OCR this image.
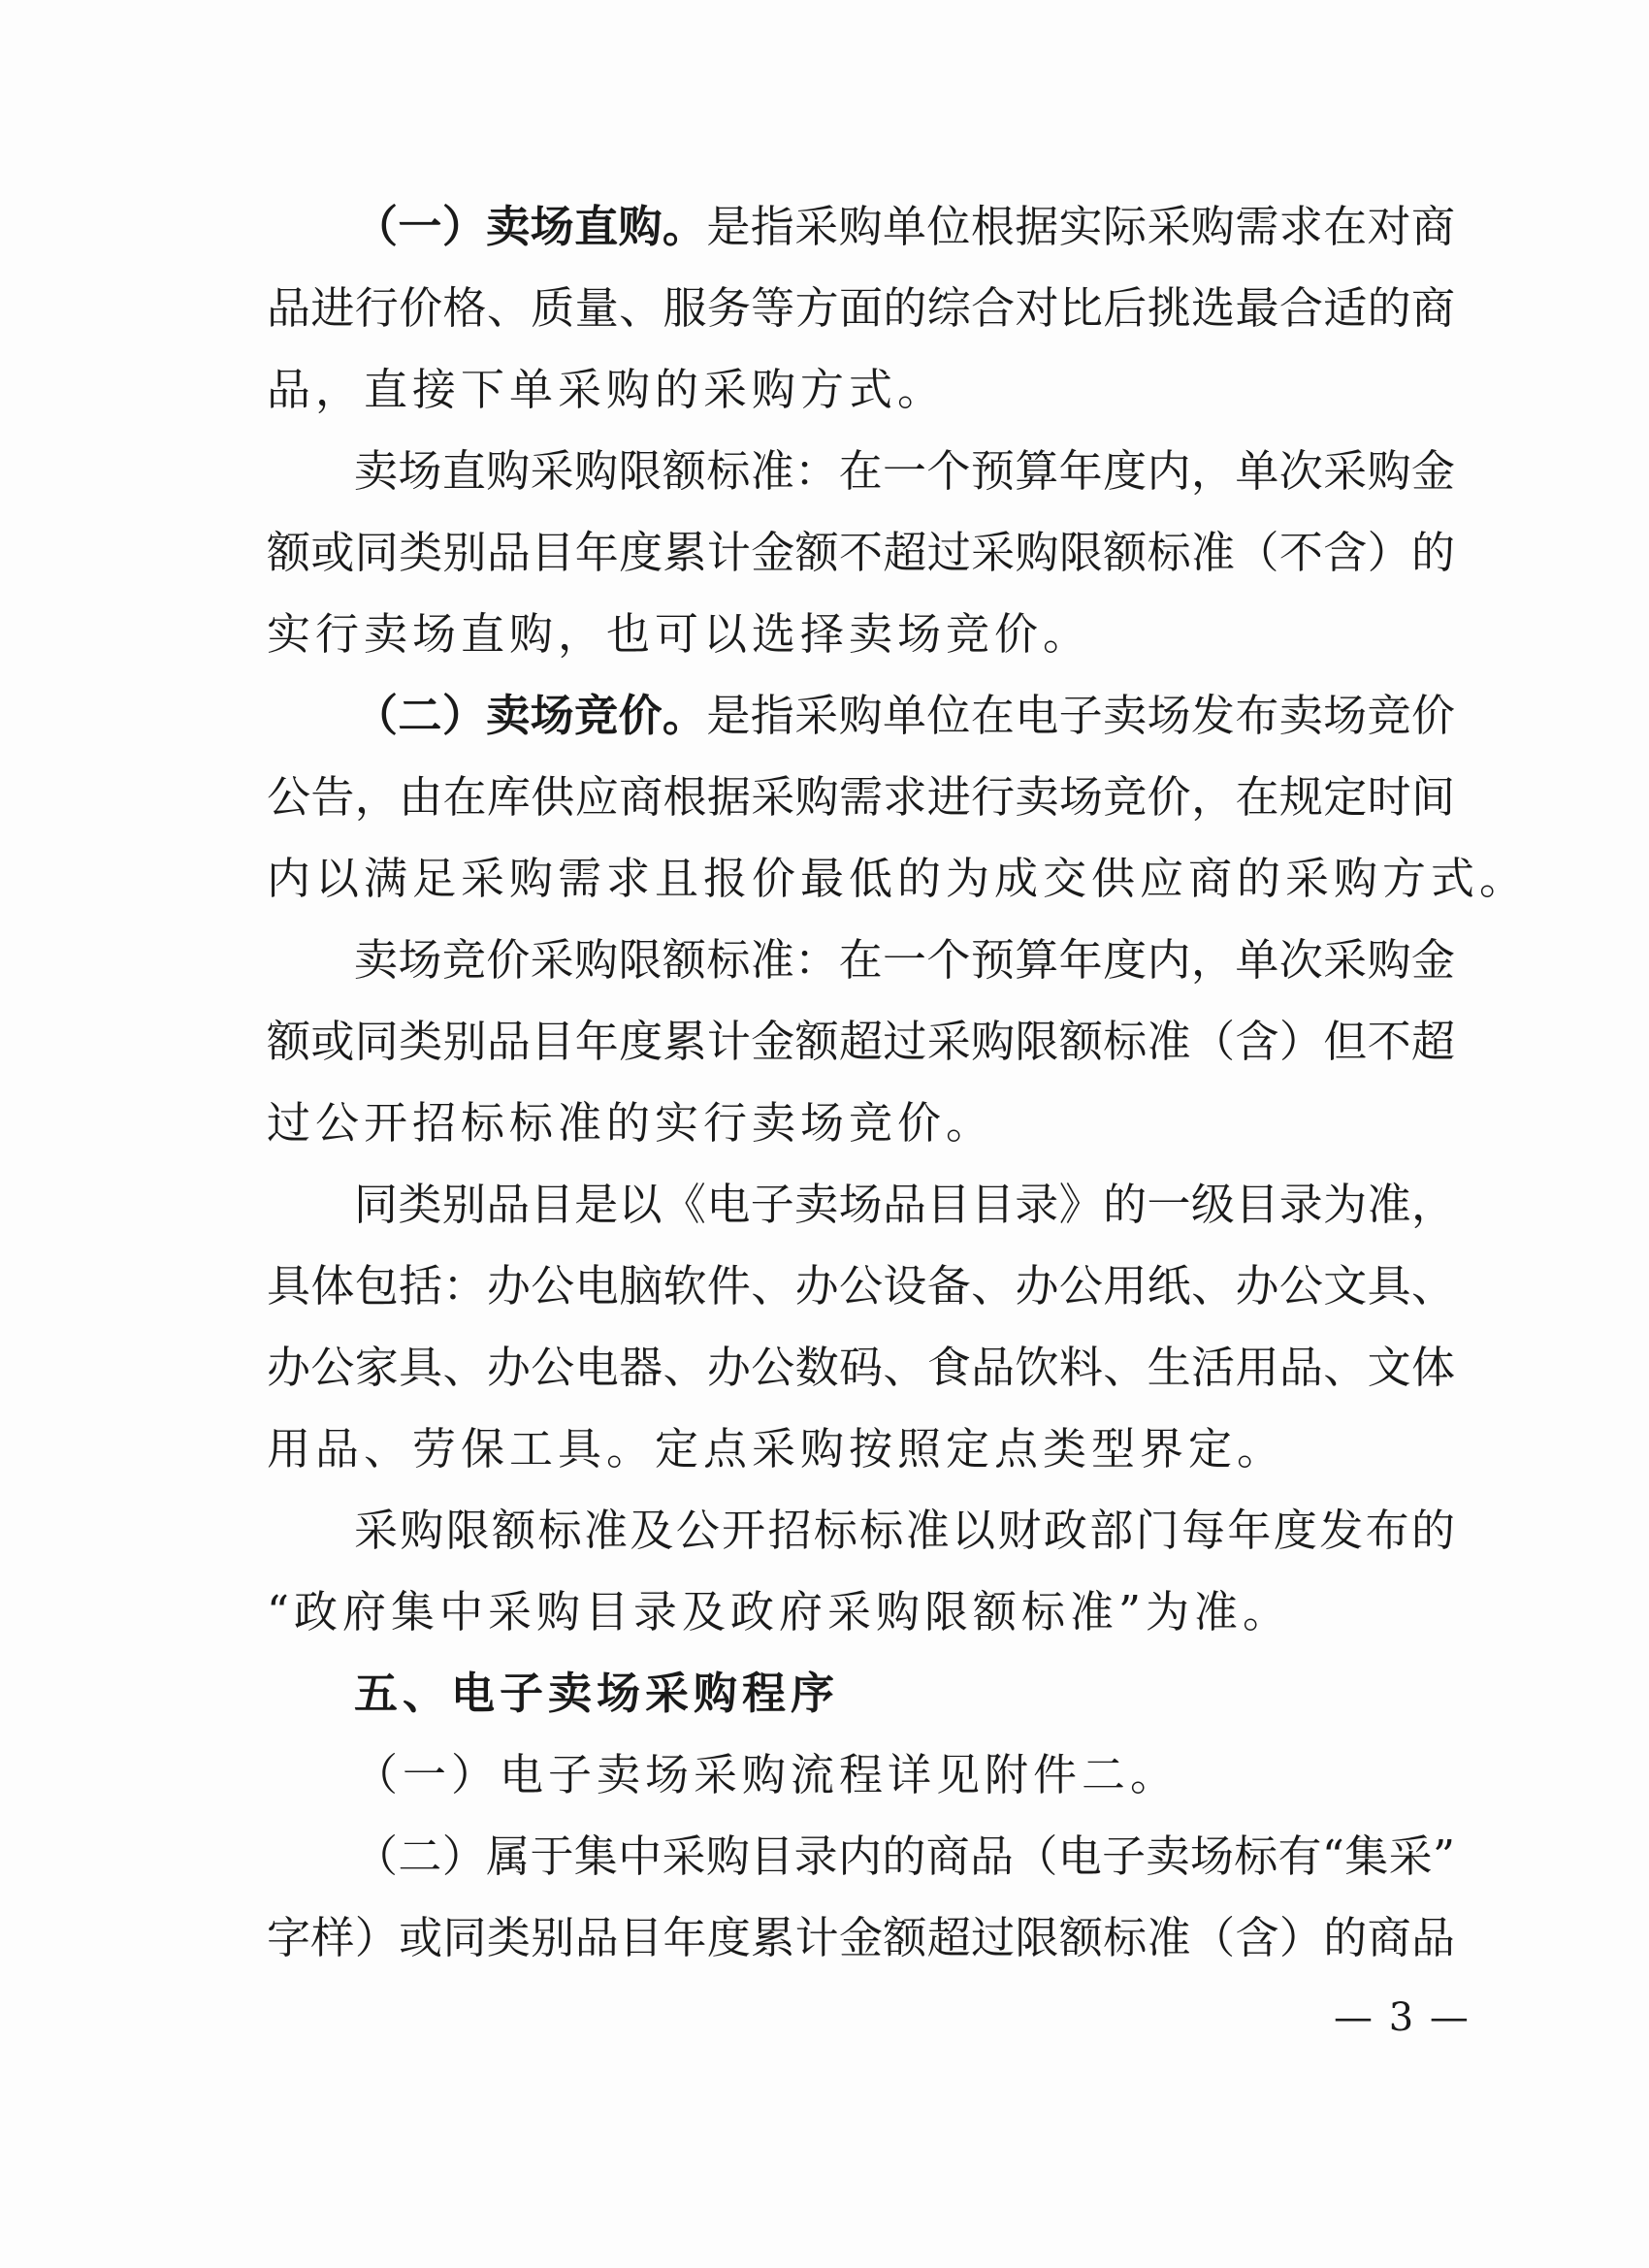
（一）卖场直购。是指采购单位根据实际采购需求在对商
品进行价格、质量、服务等方面的综合对比后挑选最合适的商
品，直接下单采购的采购方式。
卖场直购采购限额标准：在一个预算年度内，单次采购金
额或同类别品目年度累计金额不超过采购限额标准（不含）的
实行卖场直购，也可以选择卖场竞价。
（二）卖场竞价。是指采购单位在电子卖场发布卖场竞价
公告，由在库供应商根据采购需求进行卖场竞价，在规定时间
内以满足采购需求且报价最低的为成交供应商的采购方式。
卖场竞价采购限额标准：在一个预算年度内，单次采购金
额或同类别品目年度累计金额超过采购限额标准（含）但不超
过公开招标标准的实行卖场竞价。
同类别品目是以《电子卖场品目目录》的一级目录为准，
具体包括：办公电脑软件、办公设备、办公用纸、办公文具、
办公家具、办公电器、办公数码、食品饮料、生活用品、文体
用品、劳保工具。定点采购按照定点类型界定。
采购限额标准及公开招标标准以财政部门每年度发布的
“政府集中采购目录及政府采购限额标准”为准。
五、电子卖场采购程序
（一）电子卖场采购流程详见附件二。
（二）属于集中采购目录内的商品（电子卖场标有“集采”
字样）或同类别品目年度累计金额超过限额标准（含）的商品
— 3 —
